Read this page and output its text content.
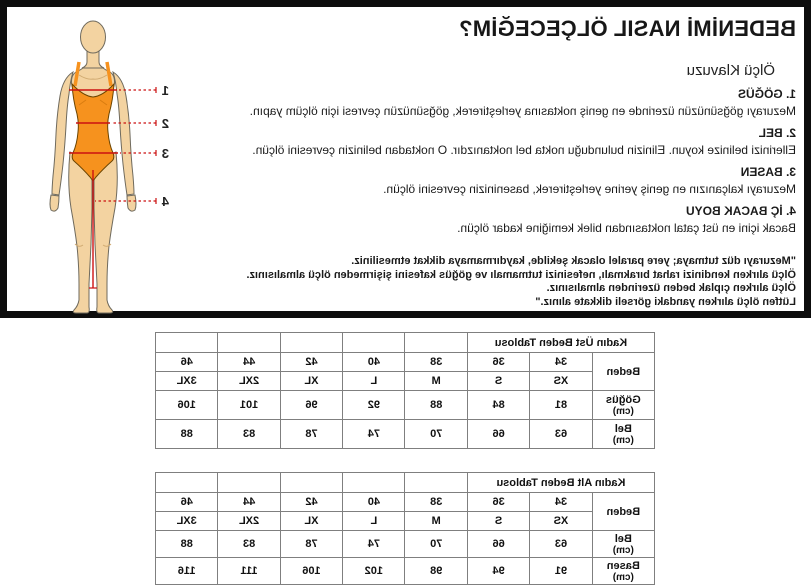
BEDENİMİ NASIL ÖLÇECEĞİM?
Ölçü Klavuzu
1. GÖĞÜS
Mezurayı göğsünüzün üzerinde en geniş noktasına yerleştirerek, göğsünüzün çevresi için ölçüm yapın.
2. BEL
Ellerinizi belinize koyun. Elinizin bulunduğu nokta bel noktanızdır. O noktadan belinizin çevresini ölçün.
3. BASEN
Mezurayı kalçanızın en geniş yerine yerleştirerek, baseninizin çevresini ölçün.
4. İÇ BACAK BOYU
Bacak içini en üst çatal noktasından bilek kemiğine kadar ölçün.
"Mezurayı düz tutmaya; yere paralel olacak şekilde, kaydırmamaya dikkat etmesiliniz.
Ölçü alırken kendinizi rahat bırakmalı, nefesinizi tutmamalı ve göğüs kafesini şişirmeden ölçü almalısınız.
Ölçü alırken çıplak beden üzerinden almalısınız.
Lütfen ölçü alırken yandaki görseli dikkate alınız."
1
2
3
4
Kadın Üst Beden Tablosu							
Beden	34	36	38	40	42	44	46
	XS	S	M	L	XL	2XL	3XL

Göğüs
(cm)	81	84	88	92	96	101	106

Bel
(cm)	63	66	70	74	78	83	88
Kadın Alt Beden Tablosu							
Beden	34	36	38	40	42	44	46
	XS	S	M	L	XL	2XL	3XL

Bel
(cm)	63	66	70	74	78	83	88

Basen
(cm)	91	94	98	102	106	111	116
